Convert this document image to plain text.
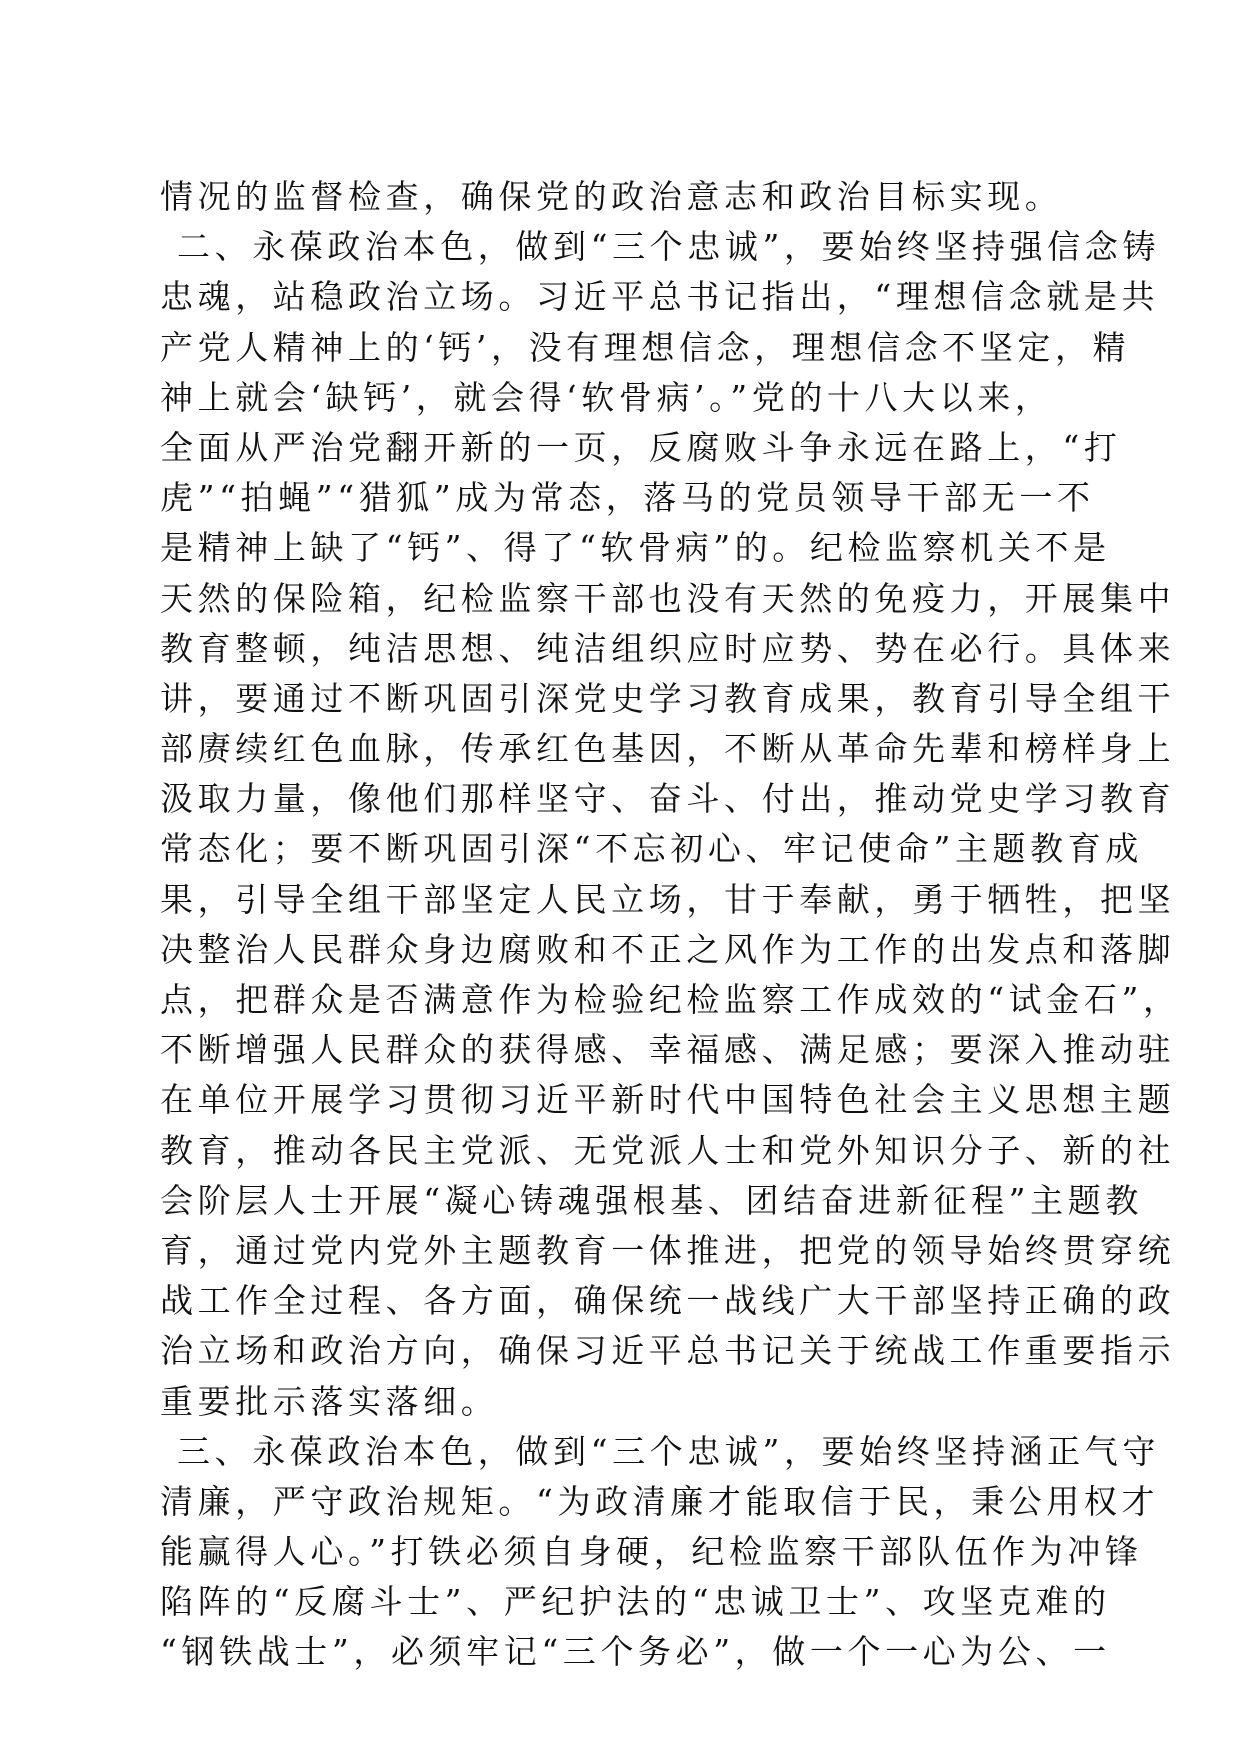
情况的监督检查，确保党的政治意志和政治目标实现。
二、永葆政治本色，做到“三个忠诚”，要始终坚持强信念铸
忠魂，站稳政治立场。习近平总书记指出，“理想信念就是共
产党人精神上的‘钙’，没有理想信念，理想信念不坚定，精
神上就会‘缺钙’，就会得‘软骨病’。”党的十八大以来，
全面从严治党翻开新的一页，反腐败斗争永远在路上，“打
虎”“拍蝇”“猎狐”成为常态，落马的党员领导干部无一不
是精神上缺了“钙”、得了“软骨病”的。纪检监察机关不是
天然的保险箱，纪检监察干部也没有天然的免疫力，开展集中
教育整顿，纯洁思想、纯洁组织应时应势、势在必行。具体来
讲，要通过不断巩固引深党史学习教育成果，教育引导全组干
部赓续红色血脉，传承红色基因，不断从革命先辈和榜样身上
汲取力量，像他们那样坚守、奋斗、付出，推动党史学习教育
常态化；要不断巩固引深“不忘初心、牢记使命”主题教育成
果，引导全组干部坚定人民立场，甘于奉献，勇于牺牲，把坚
决整治人民群众身边腐败和不正之风作为工作的出发点和落脚
点，把群众是否满意作为检验纪检监察工作成效的“试金石”，
不断增强人民群众的获得感、幸福感、满足感；要深入推动驻
在单位开展学习贯彻习近平新时代中国特色社会主义思想主题
教育，推动各民主党派、无党派人士和党外知识分子、新的社
会阶层人士开展“凝心铸魂强根基、团结奋进新征程”主题教
育，通过党内党外主题教育一体推进，把党的领导始终贯穿统
战工作全过程、各方面，确保统一战线广大干部坚持正确的政
治立场和政治方向，确保习近平总书记关于统战工作重要指示
重要批示落实落细。
三、永葆政治本色，做到“三个忠诚”，要始终坚持涵正气守
清廉，严守政治规矩。“为政清廉才能取信于民，秉公用权才
能赢得人心。”打铁必须自身硬，纪检监察干部队伍作为冲锋
陷阵的“反腐斗士”、严纪护法的“忠诚卫士”、攻坚克难的
“钢铁战士”，必须牢记“三个务必”，做一个一心为公、一
